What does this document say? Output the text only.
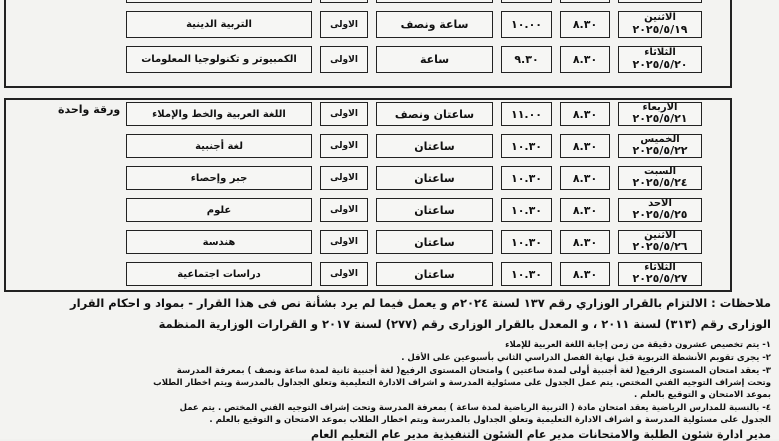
الاثنين
٢٠٢٥/٥/١٩
٨.٣٠
١٠.٠٠
ساعة ونصف
الاولى
التربية الدينية
الثلاثاء
٢٠٢٥/٥/٢٠
٨.٣٠
٩.٣٠
ساعة
الاولى
الكمبيوتر و تكنولوجيا المعلومات
الاربعاء
٢٠٢٥/٥/٢١
٨.٣٠
١١.٠٠
ساعتان ونصف
الاولى
اللغة العربية والخط والإملاء
الخميس
٢٠٢٥/٥/٢٢
٨.٣٠
١٠.٣٠
ساعتان
الاولى
لغة أجنبية
السبت
٢٠٢٥/٥/٢٤
٨.٣٠
١٠.٣٠
ساعتان
الاولى
جبر وإحصاء
الاحد
٢٠٢٥/٥/٢٥
٨.٣٠
١٠.٣٠
ساعتان
الاولى
علوم
الاثنين
٢٠٢٥/٥/٢٦
٨.٣٠
١٠.٣٠
ساعتان
الاولى
هندسة
الثلاثاء
٢٠٢٥/٥/٢٧
٨.٣٠
١٠.٣٠
ساعتان
الاولى
دراسات اجتماعية
ورقة واحدة
ملاحظات : الالتزام بالقرار الوزاري رقم ١٣٧ لسنة ٢٠٢٤م و يعمل فيما لم يرد بشأنة نص فى هذا القرار - بمواد و احكام القرار
الوزارى رقم (٣١٣) لسنة ٢٠١١ ، و المعدل بالقرار الوزارى رقم (٢٧٧) لسنة ٢٠١٧ و القرارات الوزارية المنظمة
١- يتم تخصيص عشرون دقيقة من زمن إجابة اللغة العربية للإملاء
٢- يجرى تقويم الأنشطة التربوية قبل نهاية الفصل الدراسي الثاني بأسبوعين على الأقل .
٣- يعقد امتحان المستوى الرفيع( لغة أجنبية أولى لمدة ساعتين ) وامتحان المستوى الرفيع( لغة أجنبية ثانية لمدة ساعة ونصف ) بمعرفة المدرسة
وتحت إشراف التوجيه الفني المختص. يتم عمل الجدول على مسئولية المدرسة و اشراف الادارة التعليمية وتعلق الجداول بالمدرسة ويتم اخطار الطلاب
بموعد الامتحان و التوقيع بالعلم .
٤- بالنسبة للمدارس الرياضية يعقد امتحان مادة ( التربية الرياضية لمدة ساعة ) بمعرفة المدرسة وتحت إشراف التوجيه الفني المختص . يتم عمل
الجدول على مسئولية المدرسة و اشراف الادارة التعليمية وتعلق الجداول بالمدرسة ويتم اخطار الطلاب بموعد الامتحان و التوقيع بالعلم .
مدير ادارة شئون الطلبة والامتحانات مدير عام الشئون التنفيذية مدير عام التعليم العام
